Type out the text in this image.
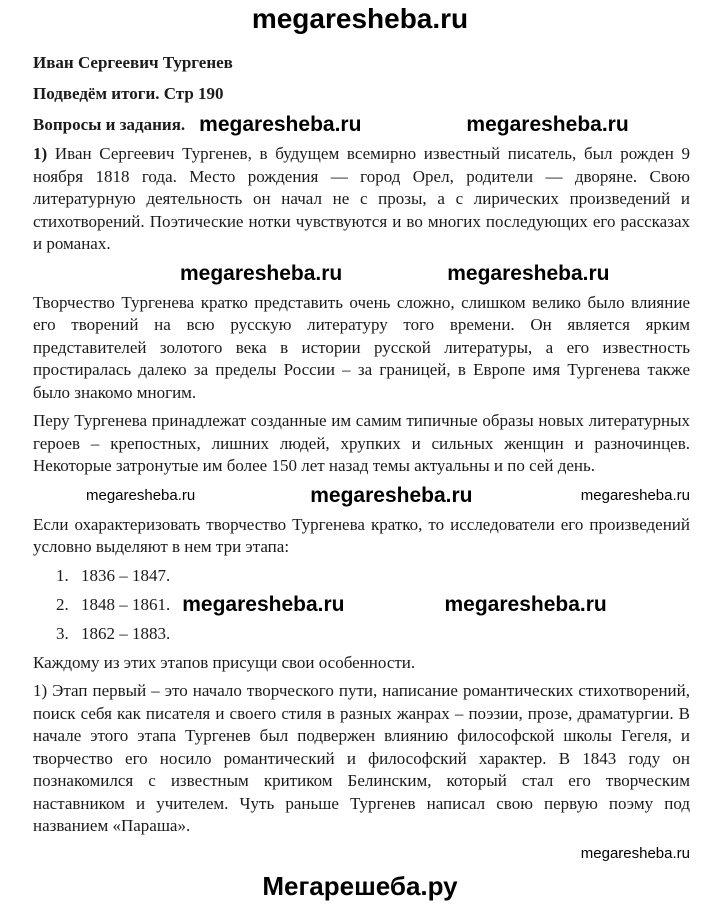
megaresheba.ru
Иван Сергеевич Тургенев
Подведём итоги. Стр 190
Вопросы и задания. megaresheba.ru	megaresheba.ru

1) Иван Сергеевич Тургенев, в будущем всемирно известный писатель, был рожден 9 ноября 1818 года. Место рождения — город Орел, родители — дворяне. Свою литературную деятельность он начал не с прозы, а с лирических произведений и стихотворений. Поэтические нотки чувствуются и во многих последующих его рассказах и романах.

megaresheba.ru	megaresheba.ru

Творчество Тургенева кратко представить очень сложно, слишком велико было влияние его творений на всю русскую литературу того времени. Он является ярким представителей золотого века в истории русской литературы, а его известность простиралась далеко за пределы России – за границей, в Европе имя Тургенева также было знакомо многим.

Перу Тургенева принадлежат созданные им самим типичные образы новых литературных героев – крепостных, лишних людей, хрупких и сильных женщин и разночинцев. Некоторые затронутые им более 150 лет назад темы актуальны и по сей день.

megaresheba.ru	megaresheba.ru	megaresheba.ru

Если охарактеризовать творчество Тургенева кратко, то исследователи его произведений условно выделяют в нем три этапа:

1. 1836 – 1847.
2. 1848 – 1861. megaresheba.ru	megaresheba.ru
3. 1862 – 1883.

Каждому из этих этапов присущи свои особенности.

1) Этап первый – это начало творческого пути, написание романтических стихотворений, поиск себя как писателя и своего стиля в разных жанрах – поэзии, прозе, драматургии. В начале этого этапа Тургенев был подвержен влиянию философской школы Гегеля, и творчество его носило романтический и философский характер. В 1843 году он познакомился с известным критиком Белинским, который стал его творческим наставником и учителем. Чуть раньше Тургенев написал свою первую поэму под названием «Параша».

megaresheba.ru
Мегарешеба.ру
